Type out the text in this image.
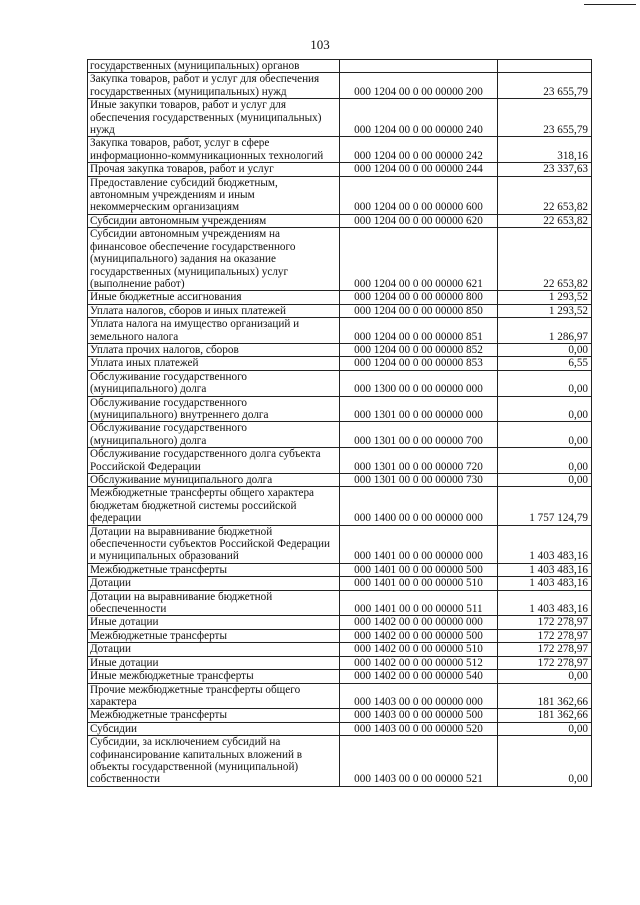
103
государственных (муниципальных) органов		
Закупка товаров, работ и услуг для обеспечения государственных (муниципальных) нужд	000 1204 00 0 00 00000 200	23 655,79
Иные закупки товаров, работ и услуг для обеспечения государственных (муниципальных) нужд	000 1204 00 0 00 00000 240	23 655,79
Закупка товаров, работ, услуг в сфере информационно-коммуникационных технологий	000 1204 00 0 00 00000 242	318,16
Прочая закупка товаров, работ и услуг	000 1204 00 0 00 00000 244	23 337,63
Предоставление субсидий бюджетным, автономным учреждениям и иным некоммерческим организациям	000 1204 00 0 00 00000 600	22 653,82
Субсидии автономным учреждениям	000 1204 00 0 00 00000 620	22 653,82
Субсидии автономным учреждениям на финансовое обеспечение государственного (муниципального) задания на оказание государственных (муниципальных) услуг (выполнение работ)	000 1204 00 0 00 00000 621	22 653,82
Иные бюджетные ассигнования	000 1204 00 0 00 00000 800	1 293,52
Уплата налогов, сборов и иных платежей	000 1204 00 0 00 00000 850	1 293,52
Уплата налога на имущество организаций и земельного налога	000 1204 00 0 00 00000 851	1 286,97
Уплата прочих налогов, сборов	000 1204 00 0 00 00000 852	0,00
Уплата иных платежей	000 1204 00 0 00 00000 853	6,55
Обслуживание государственного (муниципального) долга	000 1300 00 0 00 00000 000	0,00
Обслуживание государственного (муниципального) внутреннего долга	000 1301 00 0 00 00000 000	0,00
Обслуживание государственного (муниципального) долга	000 1301 00 0 00 00000 700	0,00
Обслуживание государственного долга субъекта Российской Федерации	000 1301 00 0 00 00000 720	0,00
Обслуживание муниципального долга	000 1301 00 0 00 00000 730	0,00
Межбюджетные трансферты общего характера бюджетам бюджетной системы российской федерации	000 1400 00 0 00 00000 000	1 757 124,79
Дотации на выравнивание бюджетной обеспеченности субъектов Российской Федерации и муниципальных образований	000 1401 00 0 00 00000 000	1 403 483,16
Межбюджетные трансферты	000 1401 00 0 00 00000 500	1 403 483,16
Дотации	000 1401 00 0 00 00000 510	1 403 483,16
Дотации на выравнивание бюджетной обеспеченности	000 1401 00 0 00 00000 511	1 403 483,16
Иные дотации	000 1402 00 0 00 00000 000	172 278,97
Межбюджетные трансферты	000 1402 00 0 00 00000 500	172 278,97
Дотации	000 1402 00 0 00 00000 510	172 278,97
Иные дотации	000 1402 00 0 00 00000 512	172 278,97
Иные межбюджетные трансферты	000 1402 00 0 00 00000 540	0,00
Прочие межбюджетные трансферты общего характера	000 1403 00 0 00 00000 000	181 362,66
Межбюджетные трансферты	000 1403 00 0 00 00000 500	181 362,66
Субсидии	000 1403 00 0 00 00000 520	0,00
Субсидии, за исключением субсидий на софинансирование капитальных вложений в объекты государственной (муниципальной) собственности	000 1403 00 0 00 00000 521	0,00
